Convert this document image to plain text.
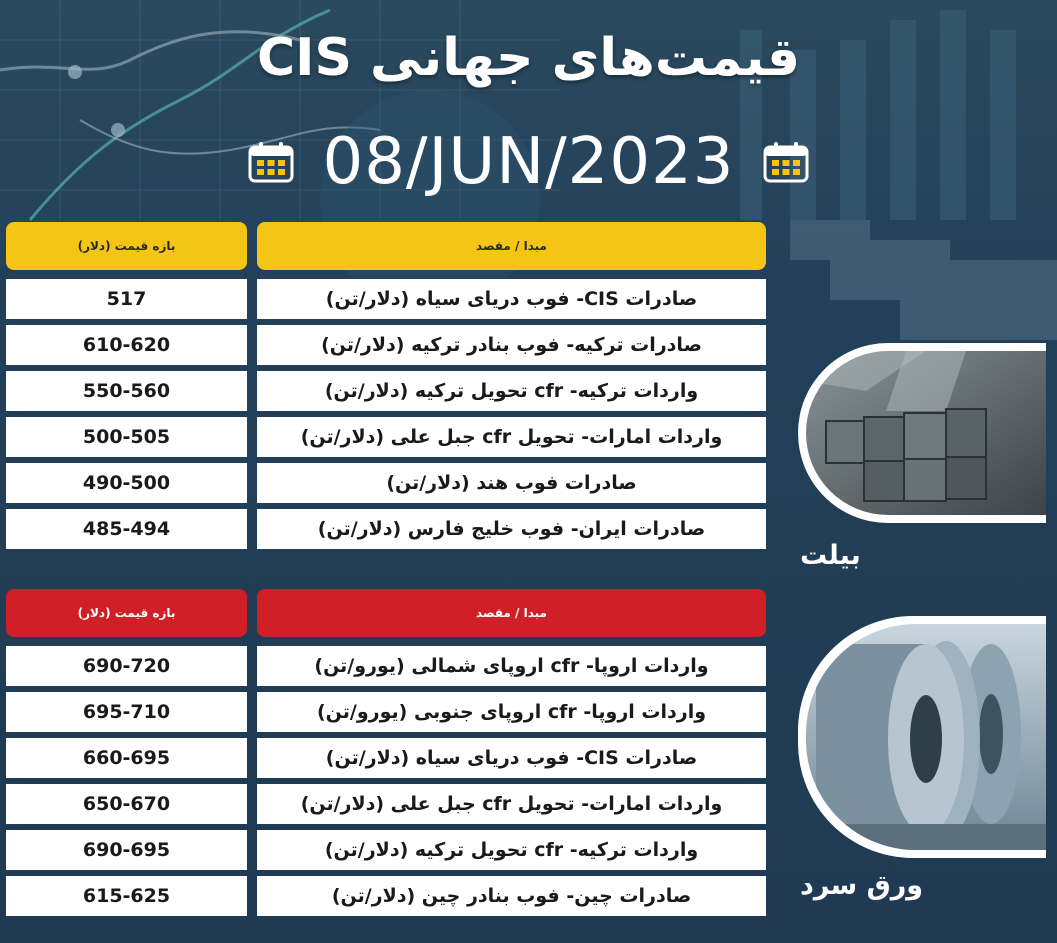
قیمت‌های جهانی CIS
08/JUN/2023
بازه قیمت (دلار)	مبدا / مقصد
517	صادرات CIS- فوب دریای سیاه (دلار/تن)
610-620	صادرات ترکیه- فوب بنادر ترکیه (دلار/تن)
550-560	واردات ترکیه- cfr تحویل ترکیه (دلار/تن)
500-505	واردات امارات- تحویل cfr جبل علی (دلار/تن)
490-500	صادرات فوب هند (دلار/تن)
485-494	صادرات ایران- فوب خلیج فارس (دلار/تن)
بازه قیمت (دلار)	مبدا / مقصد
690-720	واردات اروپا- cfr اروپای شمالی (یورو/تن)
695-710	واردات اروپا- cfr اروپای جنوبی (یورو/تن)
660-695	صادرات CIS- فوب دریای سیاه (دلار/تن)
650-670	واردات امارات- تحویل cfr جبل علی (دلار/تن)
690-695	واردات ترکیه- cfr تحویل ترکیه (دلار/تن)
615-625	صادرات چین- فوب بنادر چین (دلار/تن)
بیلت
ورق سرد
